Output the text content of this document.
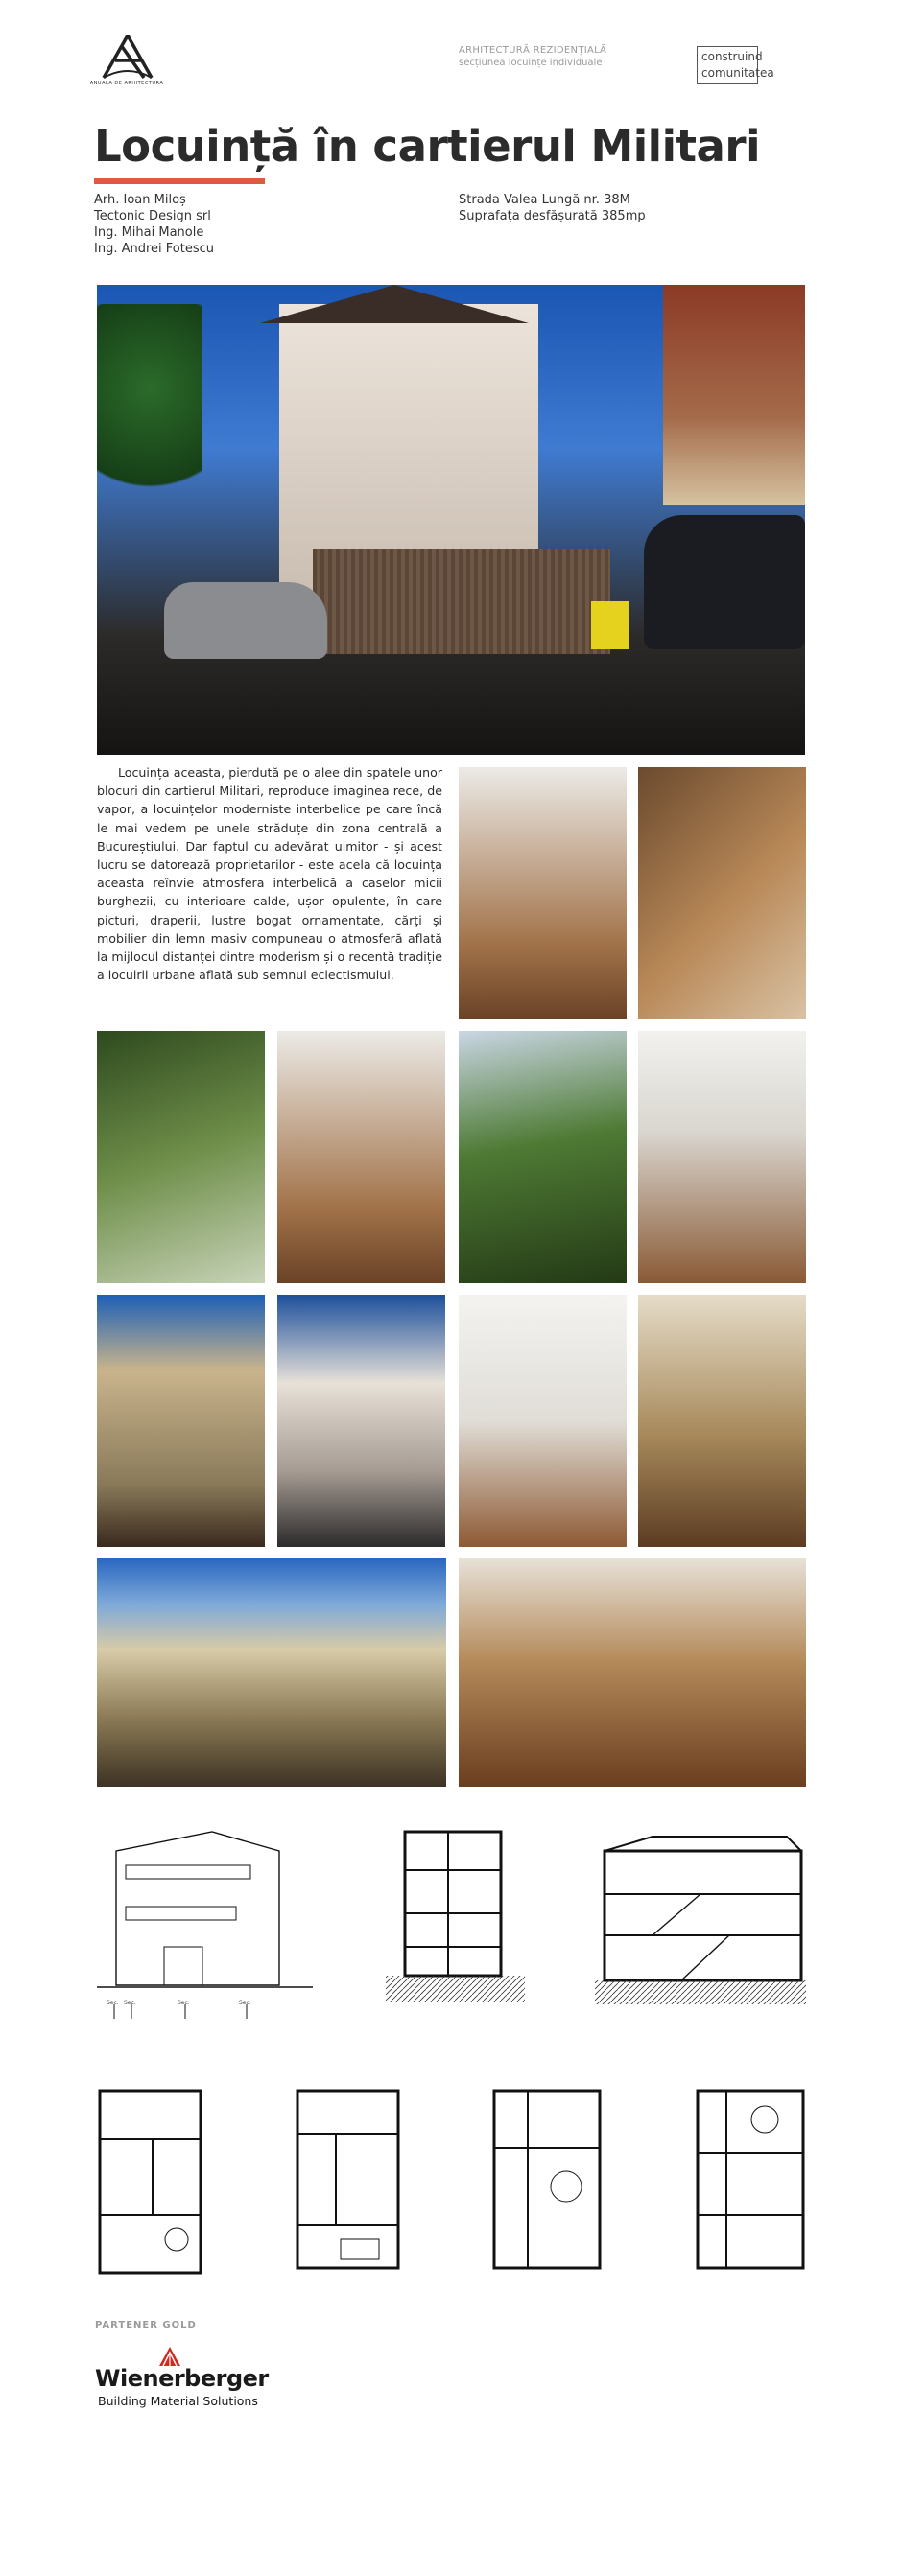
ANUALA DE ARHITECTURA
ARHITECTURĂ REZIDENȚIALĂ
secțiunea locuințe individuale	construind
comunitatea
Locuință în cartierul Militari
Arh. Ioan Miloș
Tectonic Design srl
Ing. Mihai Manole
Ing. Andrei Fotescu
Strada Valea Lungă nr. 38M
Suprafața desfășurată 385mp

Locuința aceasta, pierdută pe o alee din spatele unor blocuri din cartierul Militari, reproduce imaginea rece, de vapor, a locuințelor moderniste interbelice pe care încă le mai vedem pe unele străduțe din zona centrală a Bucureștiului. Dar faptul cu adevărat uimitor - și acest lucru se datorează proprietarilor - este acela că locuința aceasta reînvie atmosfera interbelică a caselor micii burghezii, cu interioare calde, ușor opulente, în care picturi, draperii, lustre bogat ornamentate, cărți și mobilier din lemn masiv compuneau o atmosferă aflată la mijlocul distanței dintre moderism și o recentă tradiție a locuirii urbane aflată sub semnul eclectismului.

Sec. Sec.	Sec.	Sec.
PARTENER GOLD
Wienerberger
Building Material Solutions
